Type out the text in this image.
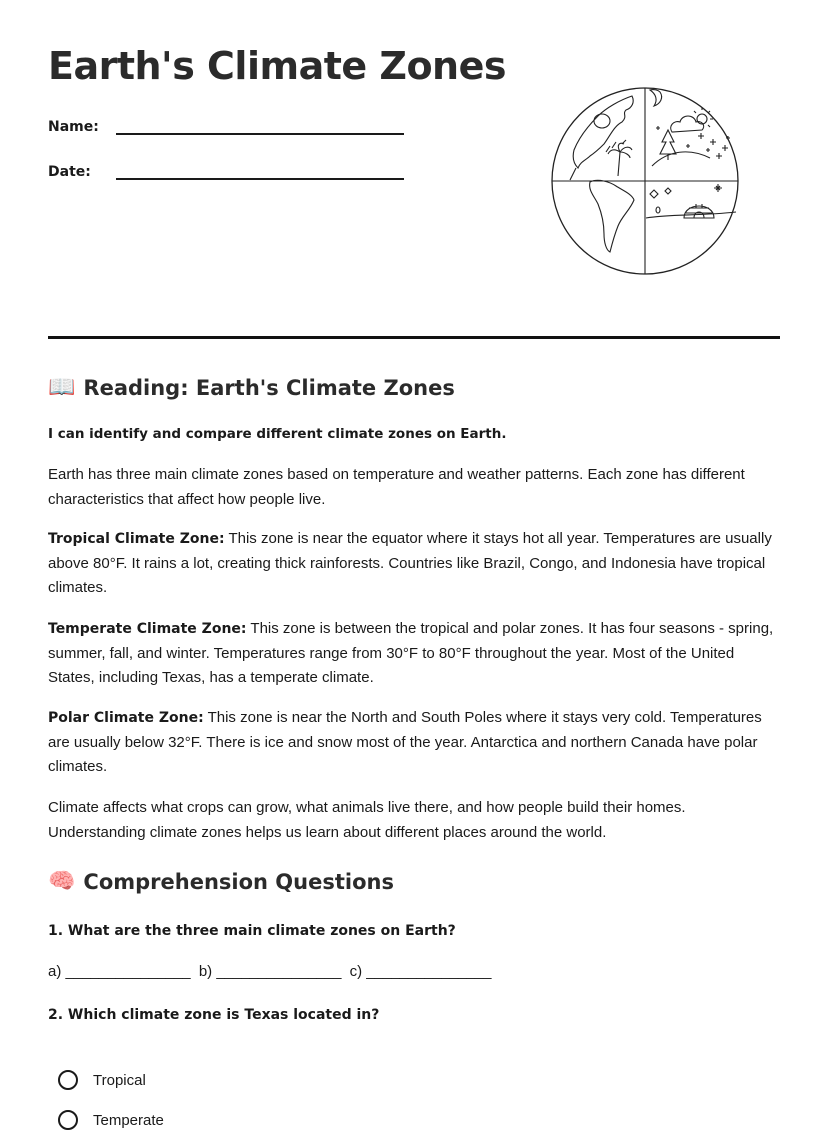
Earth's Climate Zones
Name:
Date:
📖 Reading: Earth's Climate Zones
I can identify and compare different climate zones on Earth.

Earth has three main climate zones based on temperature and weather patterns. Each zone has different characteristics that affect how people live.

Tropical Climate Zone: This zone is near the equator where it stays hot all year. Temperatures are usually above 80°F. It rains a lot, creating thick rainforests. Countries like Brazil, Congo, and Indonesia have tropical climates.

Temperate Climate Zone: This zone is between the tropical and polar zones. It has four seasons - spring, summer, fall, and winter. Temperatures range from 30°F to 80°F throughout the year. Most of the United States, including Texas, has a temperate climate.

Polar Climate Zone: This zone is near the North and South Poles where it stays very cold. Temperatures are usually below 32°F. There is ice and snow most of the year. Antarctica and northern Canada have polar climates.

Climate affects what crops can grow, what animals live there, and how people build their homes. Understanding climate zones helps us learn about different places around the world.

🧠 Comprehension Questions
1. What are the three main climate zones on Earth?
a) _______________ b) _______________ c) _______________
2. Which climate zone is Texas located in?
Tropical
Temperate
